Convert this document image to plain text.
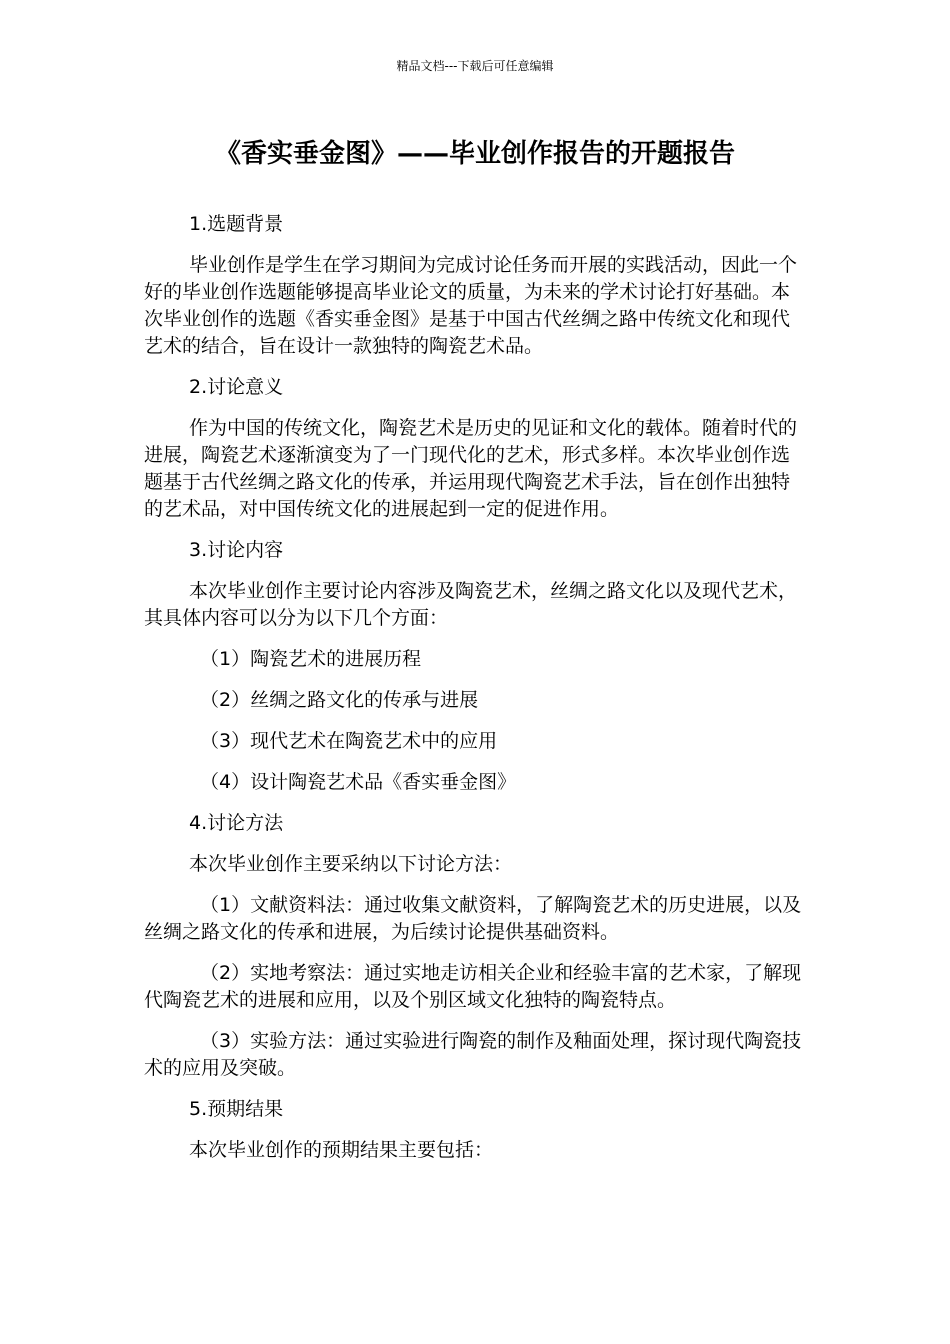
精品文档---下载后可任意编辑
《香实垂金图》——毕业创作报告的开题报告

1.选题背景

毕业创作是学生在学习期间为完成讨论任务而开展的实践活动，因此一个好的毕业创作选题能够提高毕业论文的质量，为未来的学术讨论打好基础。本次毕业创作的选题《香实垂金图》是基于中国古代丝绸之路中传统文化和现代艺术的结合，旨在设计一款独特的陶瓷艺术品。

2.讨论意义

作为中国的传统文化，陶瓷艺术是历史的见证和文化的载体。随着时代的进展，陶瓷艺术逐渐演变为了一门现代化的艺术，形式多样。本次毕业创作选题基于古代丝绸之路文化的传承，并运用现代陶瓷艺术手法，旨在创作出独特的艺术品，对中国传统文化的进展起到一定的促进作用。

3.讨论内容

本次毕业创作主要讨论内容涉及陶瓷艺术，丝绸之路文化以及现代艺术，其具体内容可以分为以下几个方面：

（1）陶瓷艺术的进展历程

（2）丝绸之路文化的传承与进展

（3）现代艺术在陶瓷艺术中的应用

（4）设计陶瓷艺术品《香实垂金图》

4.讨论方法

本次毕业创作主要采纳以下讨论方法：

（1）文献资料法：通过收集文献资料，了解陶瓷艺术的历史进展，以及丝绸之路文化的传承和进展，为后续讨论提供基础资料。

（2）实地考察法：通过实地走访相关企业和经验丰富的艺术家，了解现代陶瓷艺术的进展和应用，以及个别区域文化独特的陶瓷特点。

（3）实验方法：通过实验进行陶瓷的制作及釉面处理，探讨现代陶瓷技术的应用及突破。

5.预期结果

本次毕业创作的预期结果主要包括：
